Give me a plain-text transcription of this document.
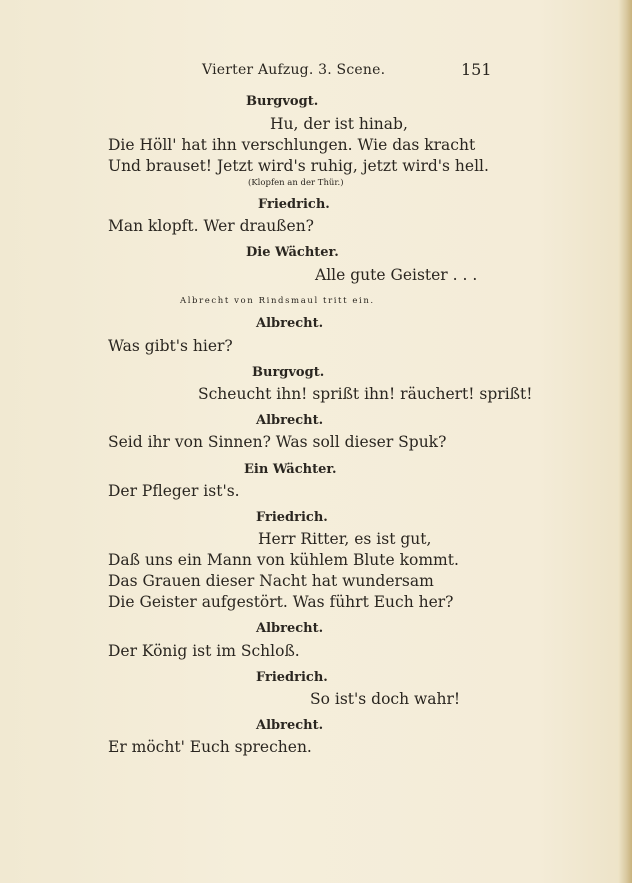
Vierter Aufzug. 3. Scene.	151
Burgvogt.
Hu, der ist hinab,
Die Höll' hat ihn verschlungen. Wie das kracht
Und brauset! Jetzt wird's ruhig, jetzt wird's hell.
(Klopfen an der Thür.)
Friedrich.
Man klopft. Wer draußen?
Die Wächter.
Alle gute Geister . . .
Albrecht von Rindsmaul tritt ein.
Albrecht.
Was gibt's hier?
Burgvogt.
Scheucht ihn! sprißt ihn! räuchert! sprißt!
Albrecht.
Seid ihr von Sinnen? Was soll dieser Spuk?
Ein Wächter.
Der Pfleger ist's.
Friedrich.
Herr Ritter, es ist gut,
Daß uns ein Mann von kühlem Blute kommt.
Das Grauen dieser Nacht hat wundersam
Die Geister aufgestört. Was führt Euch her?
Albrecht.
Der König ist im Schloß.
Friedrich.
So ist's doch wahr!
Albrecht.
Er möcht' Euch sprechen.
